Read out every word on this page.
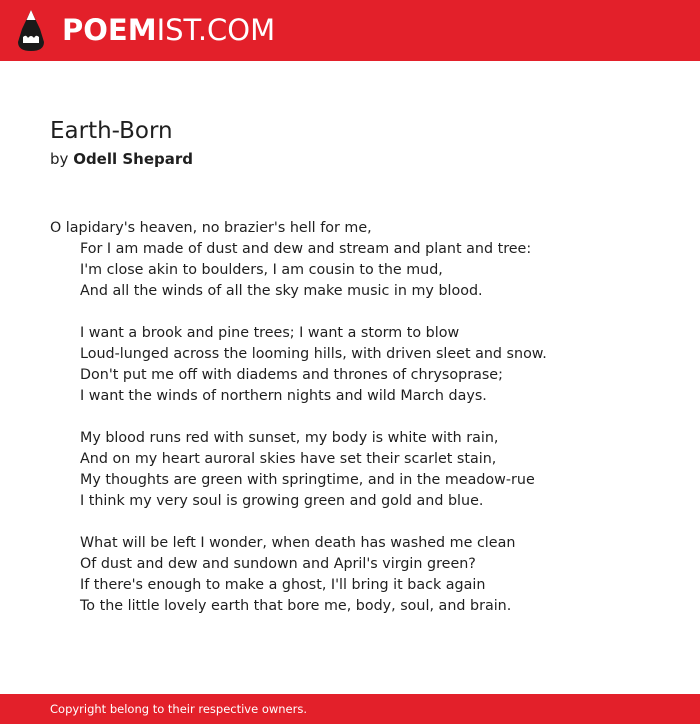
POEMIST.COM
Earth-Born
by Odell Shepard
O lapidary's heaven, no brazier's hell for me,
For I am made of dust and dew and stream and plant and tree:
I'm close akin to boulders, I am cousin to the mud,
And all the winds of all the sky make music in my blood.
I want a brook and pine trees; I want a storm to blow
Loud-lunged across the looming hills, with driven sleet and snow.
Don't put me off with diadems and thrones of chrysoprase;
I want the winds of northern nights and wild March days.
My blood runs red with sunset, my body is white with rain,
And on my heart auroral skies have set their scarlet stain,
My thoughts are green with springtime, and in the meadow-rue
I think my very soul is growing green and gold and blue.
What will be left I wonder, when death has washed me clean
Of dust and dew and sundown and April's virgin green?
If there's enough to make a ghost, I'll bring it back again
To the little lovely earth that bore me, body, soul, and brain.
Copyright belong to their respective owners.
